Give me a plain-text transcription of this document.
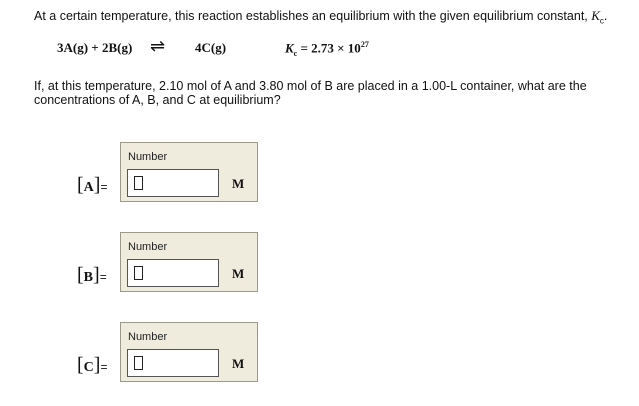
At a certain temperature, this reaction establishes an equilibrium with the given equilibrium constant, $K_c$.
3A(g) + 2B(g) ⇌ 4C(g)	$K_c = 2.73 \times 10^{27}$
If, at this temperature, 2.10 mol of A and 3.80 mol of B are placed in a 1.00-L container, what are the concentrations of A, B, and C at equilibrium?
[A]=
Number
M
[B]=
Number
M
[C]=
Number
M
